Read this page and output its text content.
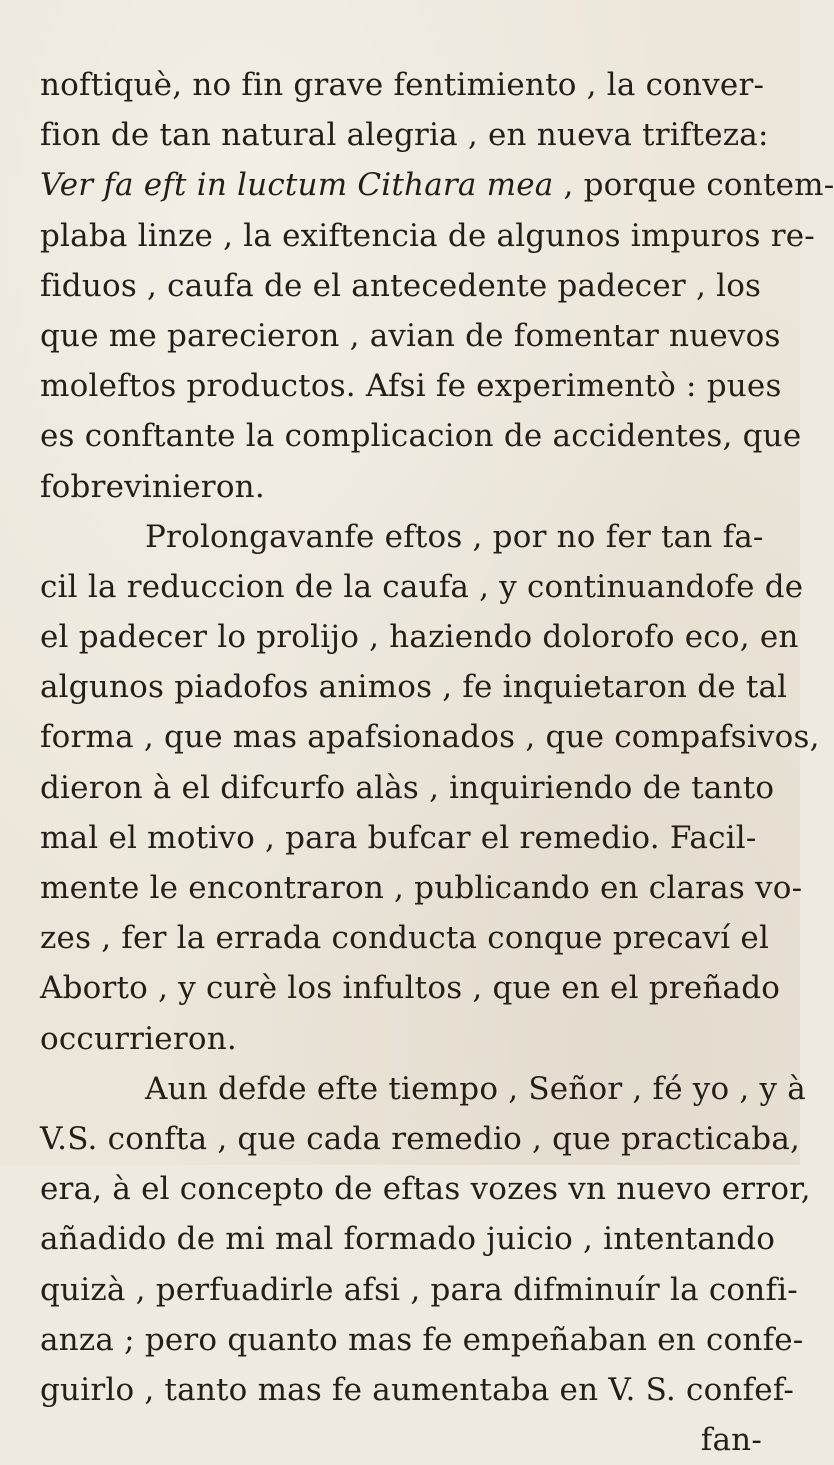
noftiquè, no fin grave fentimiento , la conver-
fion de tan natural alegria , en nueva trifteza:
Ver fa eft in luctum Cithara mea , porque contem-
plaba linze , la exiftencia de algunos impuros re-
fiduos , caufa de el antecedente padecer , los
que me parecieron , avian de fomentar nuevos
moleftos productos. Afsi fe experimentò : pues
es conftante la complicacion de accidentes, que
fobrevinieron.
Prolongavanfe eftos , por no fer tan fa-
cil la reduccion de la caufa , y continuandofe de
el padecer lo prolijo , haziendo dolorofo eco, en
algunos piadofos animos , fe inquietaron de tal
forma , que mas apafsionados , que compafsivos,
dieron à el difcurfo alàs , inquiriendo de tanto
mal el motivo , para bufcar el remedio. Facil-
mente le encontraron , publicando en claras vo-
zes , fer la errada conducta conque precaví el
Aborto , y curè los infultos , que en el preñado
occurrieron.
Aun defde efte tiempo , Señor , fé yo , y à
V.S. confta , que cada remedio , que practicaba,
era, à el concepto de eftas vozes vn nuevo error,
añadido de mi mal formado juicio , intentando
quizà , perfuadirle afsi , para difminuír la confi-
anza ; pero quanto mas fe empeñaban en confe-
guirlo , tanto mas fe aumentaba en V. S. confef-
fan-
